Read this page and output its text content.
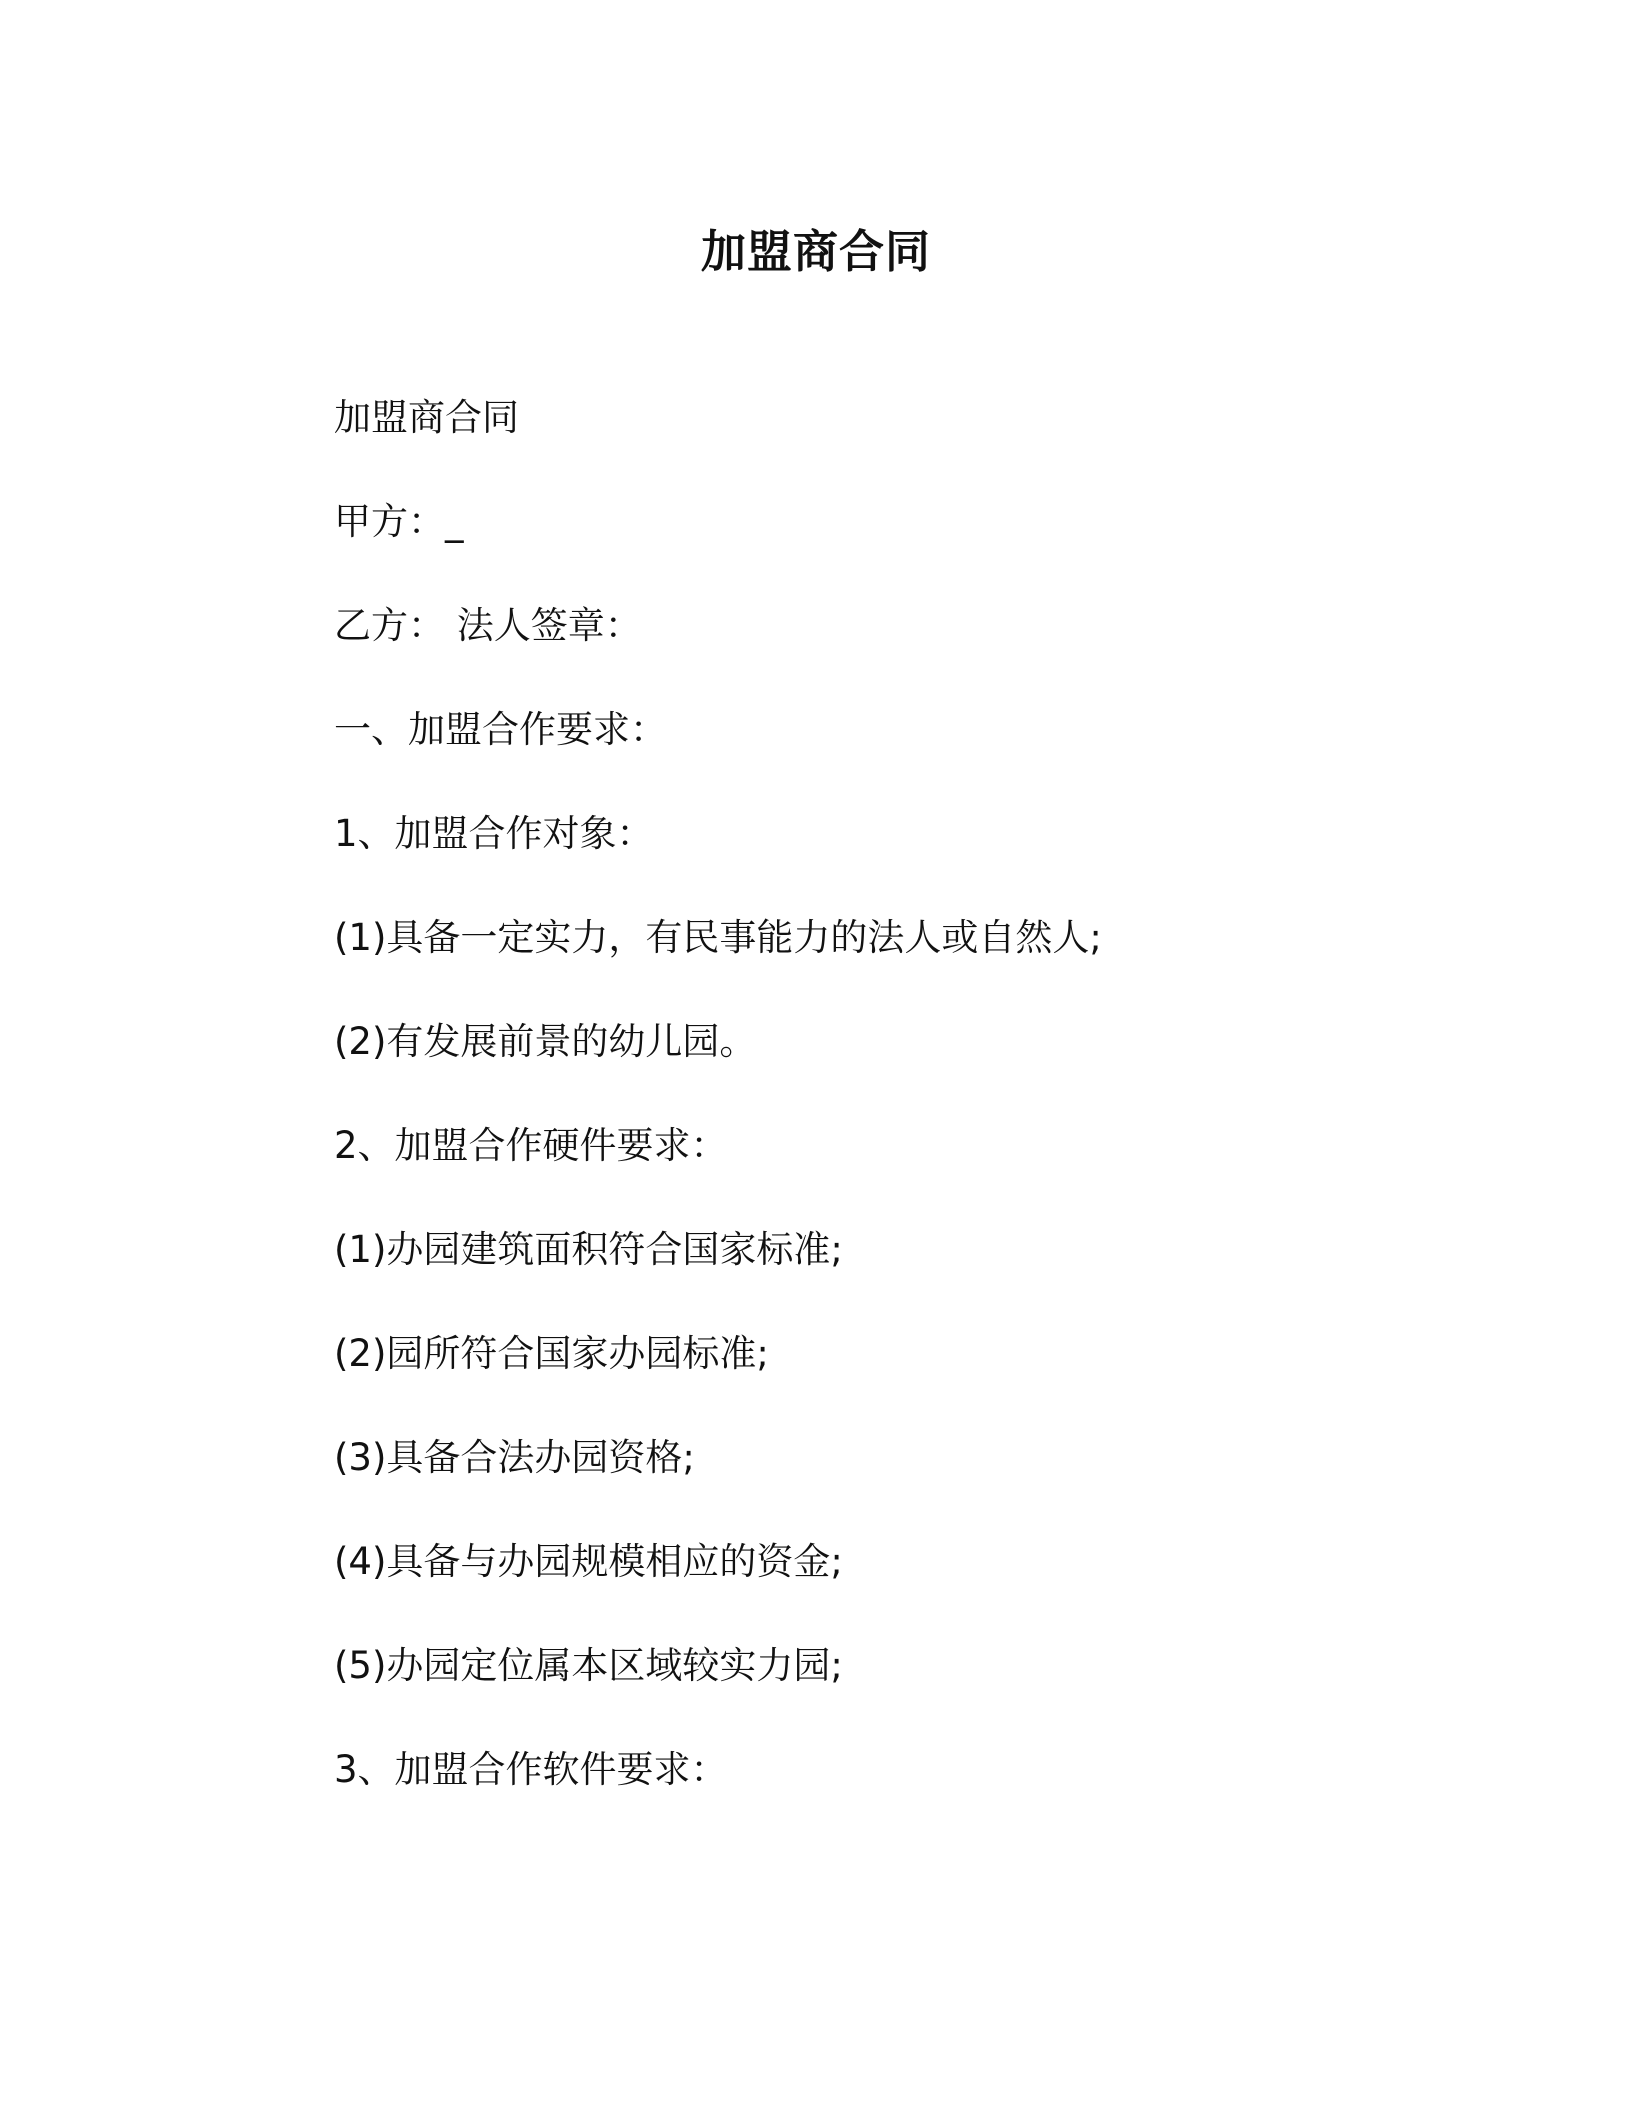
加盟商合同
加盟商合同
甲方：_
乙方： 法人签章：
一、加盟合作要求：
1、加盟合作对象：
(1)具备一定实力，有民事能力的法人或自然人;
(2)有发展前景的幼儿园。
2、加盟合作硬件要求：
(1)办园建筑面积符合国家标准;
(2)园所符合国家办园标准;
(3)具备合法办园资格;
(4)具备与办园规模相应的资金;
(5)办园定位属本区域较实力园;
3、加盟合作软件要求：
